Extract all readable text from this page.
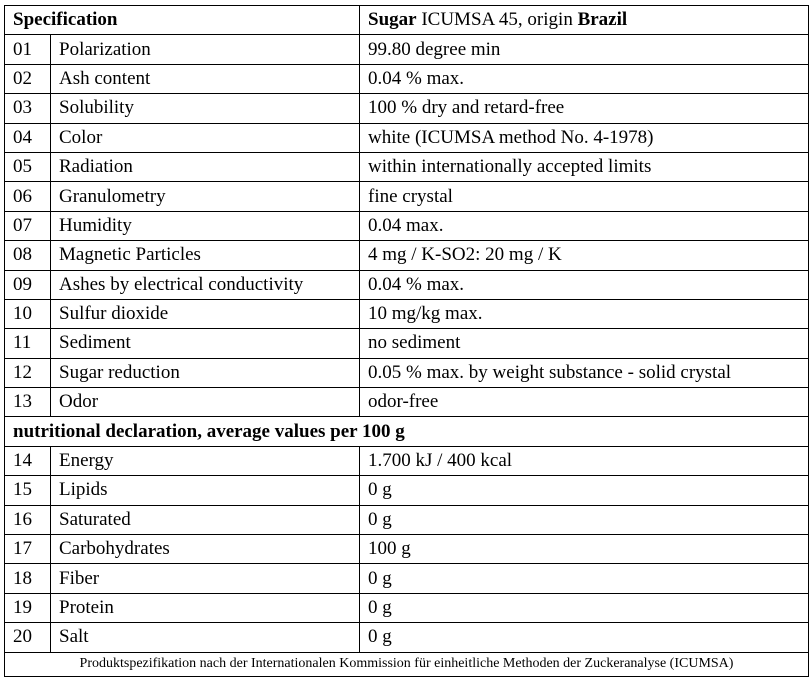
Specification		Sugar ICUMSA 45, origin Brazil
01	Polarization	99.80 degree min
02	Ash content	0.04 % max.
03	Solubility	100 % dry and retard-free
04	Color	white (ICUMSA method No. 4-1978)
05	Radiation	within internationally accepted limits
06	Granulometry	fine crystal
07	Humidity	0.04 max.
08	Magnetic Particles	4 mg / K-SO2: 20 mg / K
09	Ashes by electrical conductivity	0.04 % max.
10	Sulfur dioxide	10 mg/kg max.
11	Sediment	no sediment
12	Sugar reduction	0.05 % max. by weight substance - solid crystal
13	Odor	odor-free
nutritional declaration, average values per 100 g		
14	Energy	1.700 kJ / 400 kcal
15	Lipids	0 g
16	Saturated	0 g
17	Carbohydrates	100 g
18	Fiber	0 g
19	Protein	0 g
20	Salt	0 g
Produktspezifikation nach der Internationalen Kommission für einheitliche Methoden der Zuckeranalyse (ICUMSA)		
